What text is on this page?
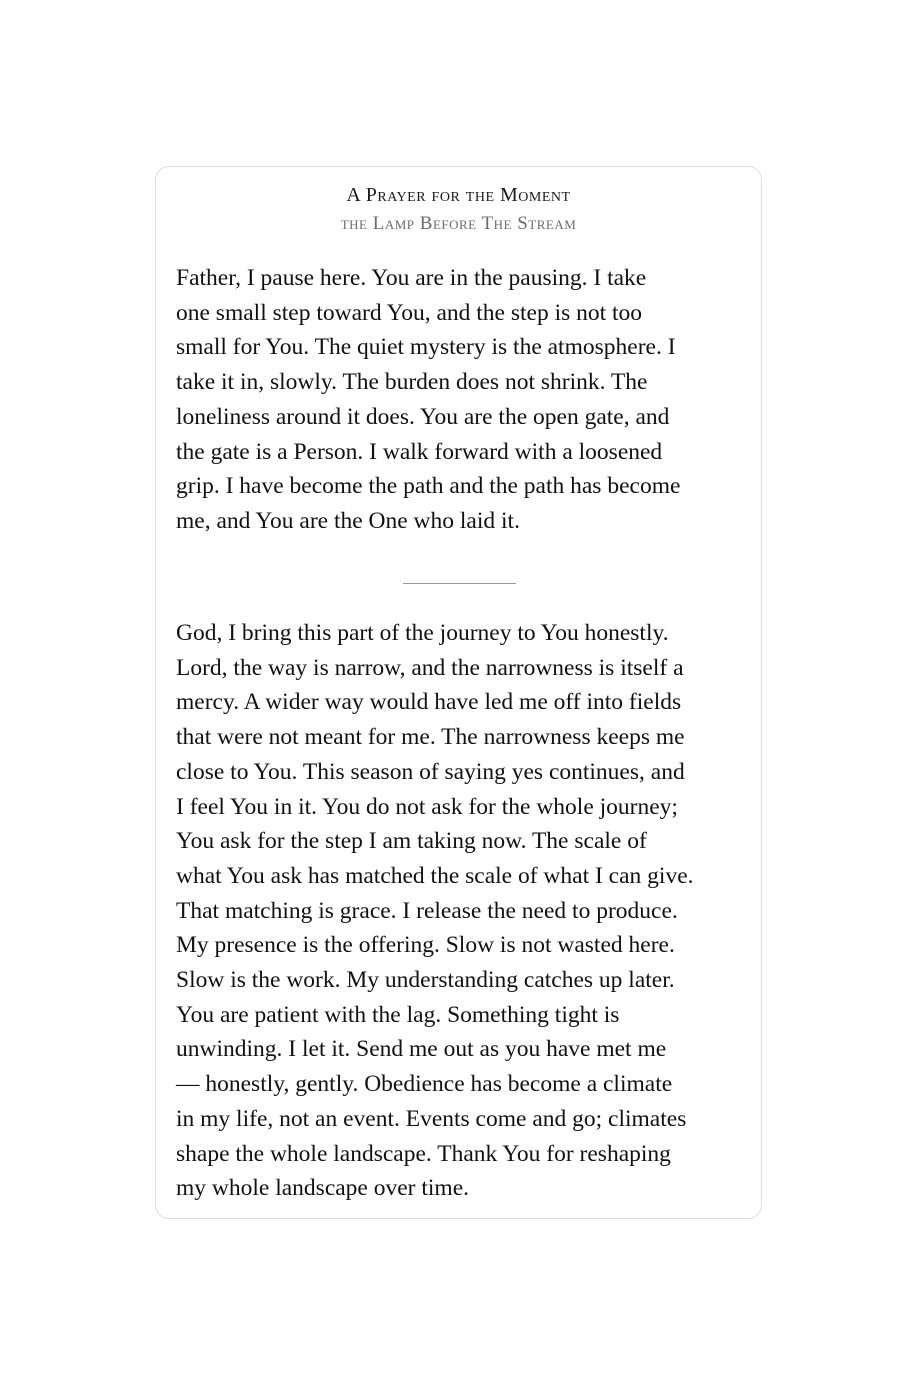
A Prayer for the Moment
the Lamp Before The Stream

Father, I pause here. You are in the pausing. I take
one small step toward You, and the step is not too
small for You. The quiet mystery is the atmosphere. I
take it in, slowly. The burden does not shrink. The
loneliness around it does. You are the open gate, and
the gate is a Person. I walk forward with a loosened
grip. I have become the path and the path has become
me, and You are the One who laid it.

God, I bring this part of the journey to You honestly.
Lord, the way is narrow, and the narrowness is itself a
mercy. A wider way would have led me off into fields
that were not meant for me. The narrowness keeps me
close to You. This season of saying yes continues, and
I feel You in it. You do not ask for the whole journey;
You ask for the step I am taking now. The scale of
what You ask has matched the scale of what I can give.
That matching is grace. I release the need to produce.
My presence is the offering. Slow is not wasted here.
Slow is the work. My understanding catches up later.
You are patient with the lag. Something tight is
unwinding. I let it. Send me out as you have met me
— honestly, gently. Obedience has become a climate
in my life, not an event. Events come and go; climates
shape the whole landscape. Thank You for reshaping
my whole landscape over time.
